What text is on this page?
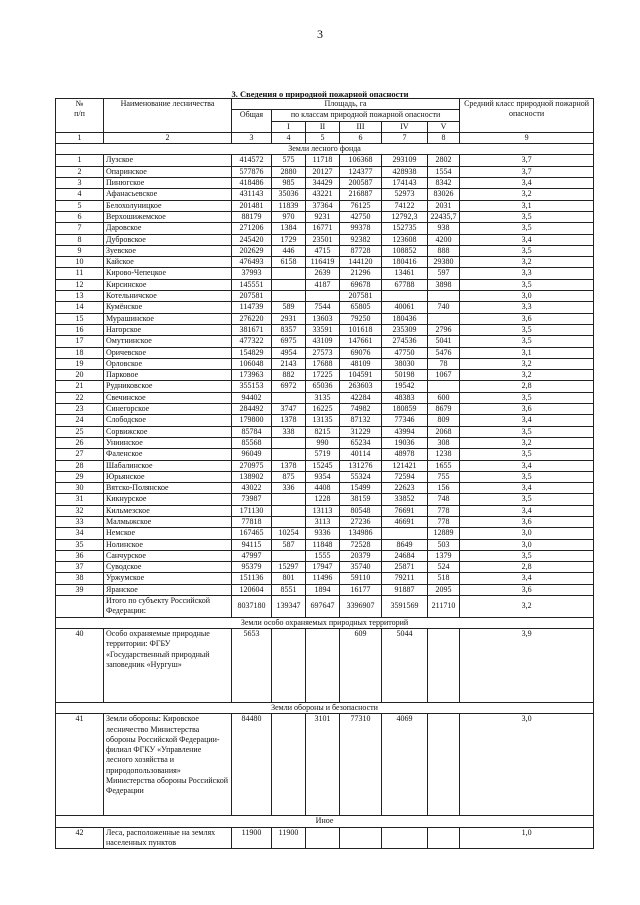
3
3. Сведения о природной пожарной опасности
№
п/п	Наименование лесничества	Площадь, га						Средний класс природной пожарной опасности
		Общая	по классам природной пожарной опасности					
			I	II	III	IV	V	
1	2	3	4	5	6	7	8	9
Земли лесного фонда								
1	Лузское	414572	575	11718	106368	293109	2802	3,7
2	Опаринское	577876	2880	20127	124377	428938	1554	3,7
3	Пинюгское	418486	985	34429	200587	174143	8342	3,4
4	Афанасьевское	431143	35036	43221	216887	52973	83026	3,2
5	Белохолуницкое	201481	11839	37364	76125	74122	2031	3,1
6	Верхошижемское	88179	970	9231	42750	12792,3	22435,7	3,5
7	Даровское	271206	1384	16771	99378	152735	938	3,5
8	Дубровское	245420	1729	23501	92382	123608	4200	3,4
9	Зуевское	202629	446	4715	87728	108852	888	3,5
10	Кайское	476493	6158	116419	144120	180416	29380	3,2
11	Кирово-Чепецкое	37993		2639	21296	13461	597	3,3
12	Кирсинское	145551		4187	69678	67788	3898	3,5
13	Котельничское	207581			207581			3,0
14	Кумёнское	114739	589	7544	65805	40061	740	3,3
15	Мурашинское	276220	2931	13603	79250	180436		3,6
16	Нагорское	381671	8357	33591	101618	235309	2796	3,5
17	Омутнинское	477322	6975	43109	147661	274536	5041	3,5
18	Оричевское	154829	4954	27573	69076	47750	5476	3,1
19	Орловское	106048	2143	17688	48109	38030	78	3,2
20	Парковое	173963	882	17225	104591	50198	1067	3,2
21	Рудниковское	355153	6972	65036	263603	19542		2,8
22	Свечинское	94402		3135	42284	48383	600	3,5
23	Синегорское	284492	3747	16225	74982	180859	8679	3,6
24	Слободское	179800	1378	13135	87132	77346	809	3,4
25	Сорвижское	85784	338	8215	31229	43994	2068	3,5
26	Униинское	85568		990	65234	19036	308	3,2
27	Фаленское	96049		5719	40114	48978	1238	3,5
28	Шабалинское	270975	1378	15245	131276	121421	1655	3,4
29	Юрьянское	138902	875	9354	55324	72594	755	3,5
30	Вятско-Полянское	43022	336	4408	15499	22623	156	3,4
31	Кикнурское	73987		1228	38159	33852	748	3,5
32	Кильмезское	171130		13113	80548	76691	778	3,4
33	Малмыжское	77818		3113	27236	46691	778	3,6
34	Немское	167465	10254	9336	134986		12889	3,0
35	Нолинское	94115	587	11848	72528	8649	503	3,0
36	Санчурское	47997		1555	20379	24684	1379	3,5
37	Суводское	95379	15297	17947	35740	25871	524	2,8
38	Уржумское	151136	801	11496	59110	79211	518	3,4
39	Яранское	120604	8551	1894	16177	91887	2095	3,6
	Итого по субъекту Российской Федерации:	8037180	139347	697647	3396907	3591569	211710	3,2
Земли особо охраняемых природных территорий								
40	Особо охраняемые природные территории: ФГБУ «Государственный природный заповедник «Нургуш»	5653			609	5044		3,9
Земли обороны и безопасности								
41	Земли обороны: Кировское лесничество Министерства обороны Российской Федерации-филиал ФГКУ «Управление лесного хозяйства и природопользования» Министерства обороны Российской Федерации	84480		3101	77310	4069		3,0
Иное								
42	Леса, расположенные на землях населенных пунктов	11900	11900					1,0
